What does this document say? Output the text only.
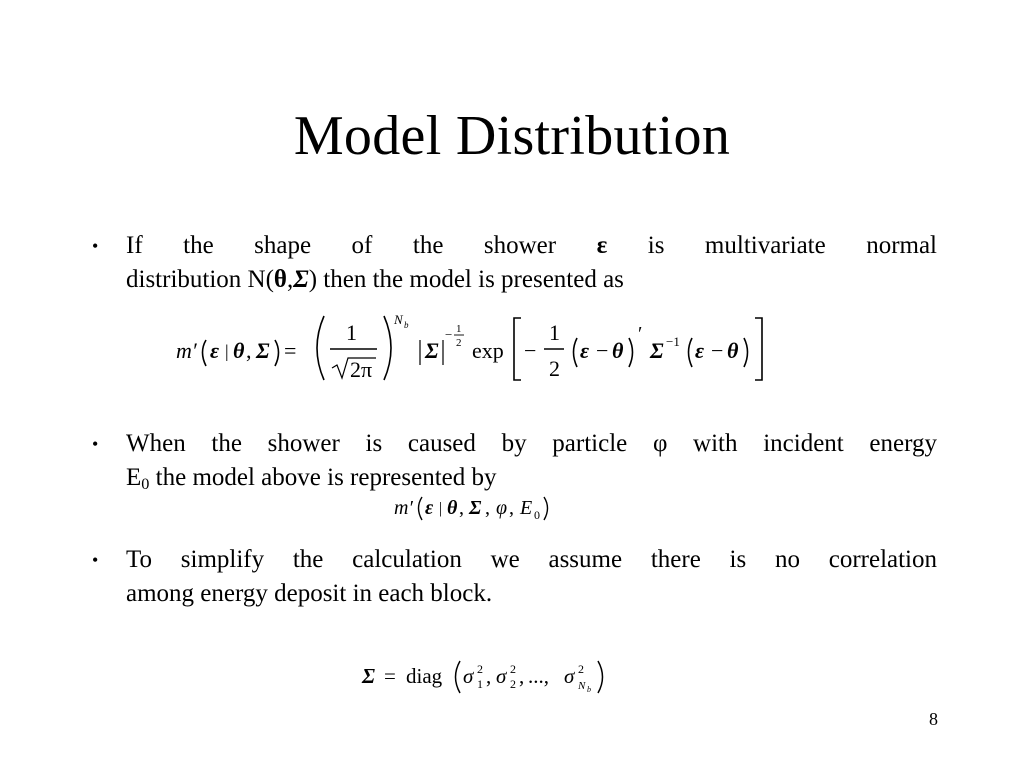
Model Distribution
• If the shape of the shower ε is multivariate normal
distribution N(θ,Σ) then the model is presented as
m′ ε | θ , Σ =
1
2π
N b
Σ
− 1
2 exp −
1
2
ε − θ
′
Σ −1 ε − θ
• When the shower is caused by particle φ with incident energy
$E_0$ the model above is represented by
m′ ε | θ , Σ , φ , E 0
• To simplify the calculation we assume there is no correlation
among energy deposit in each block.
Σ = diag σ 2
1 , σ 2
2 , ..., σ 2
N b
8
